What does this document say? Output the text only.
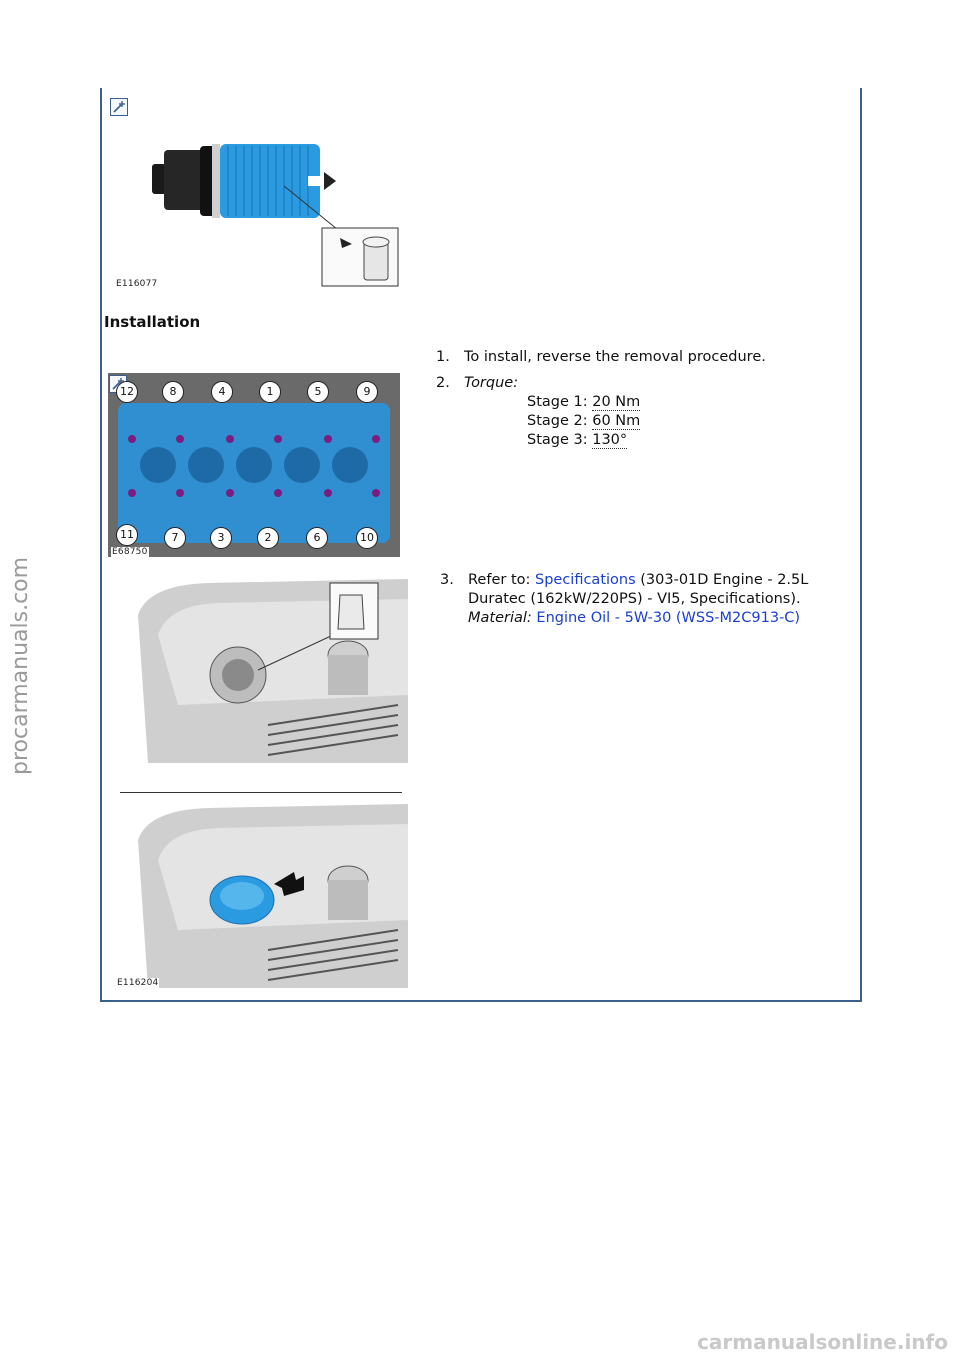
E116077
Installation
12	8	4	1	5	9
11	7	3	2	6	10
E68750
E116204
1. To install, reverse the removal procedure.
2. Torque:
Stage 1: 20 Nm
Stage 2: 60 Nm
Stage 3: 130°
3. Refer to: Specifications (303-01D Engine - 2.5L
Duratec (162kW/220PS) - VI5, Specifications).
Material: Engine Oil - 5W-30 (WSS-M2C913-C)
procarmanuals.com
carmanualsonline.info
